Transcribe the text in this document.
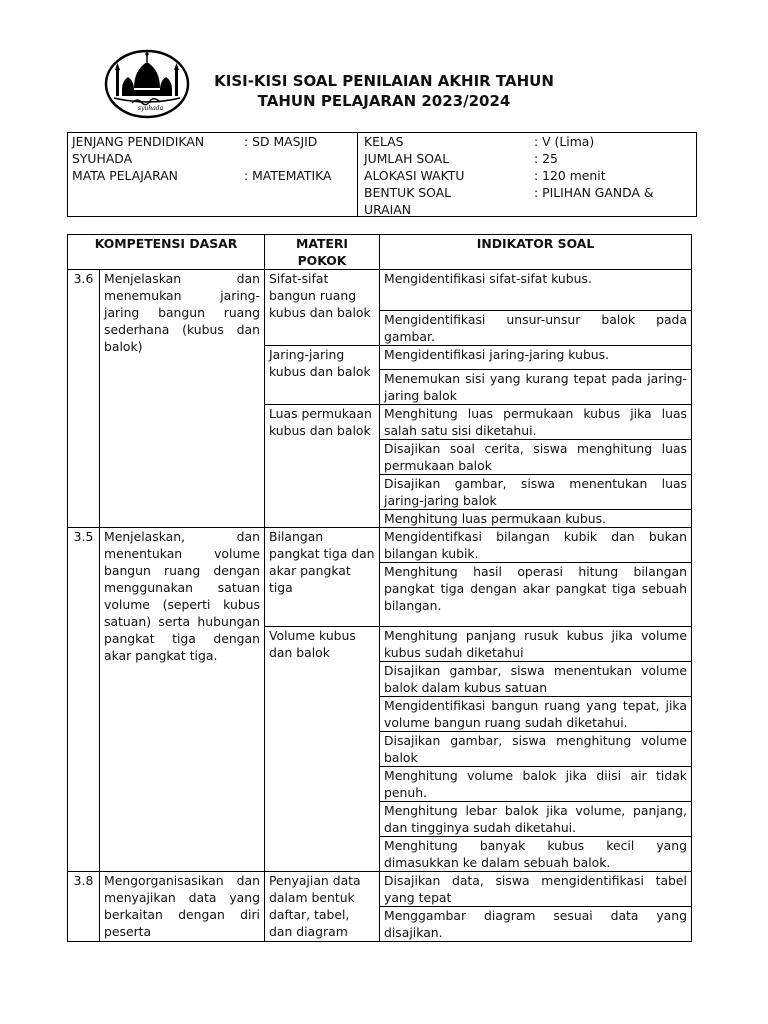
syuhada
KISI-KISI SOAL PENILAIAN AKHIR TAHUN
TAHUN PELAJARAN 2023/2024
JENJANG PENDIDIKAN	: SD MASJID
SYUHADA
MATA PELAJARAN	: MATEMATIKA
KELAS	: V (Lima)
JUMLAH SOAL	: 25
ALOKASI WAKTU	: 120 menit
BENTUK SOAL	: PILIHAN GANDA &
URAIAN
KOMPETENSI DASAR		MATERI
POKOK	INDIKATOR SOAL
3.6	Menjelaskan dan menemukan jaring-jaring bangun ruang sederhana (kubus dan balok)	Sifat-sifat bangun ruang kubus dan balok	Mengidentifikasi sifat-sifat kubus.
			Mengidentifikasi unsur-unsur balok pada gambar.
		Jaring-jaring kubus dan balok	Mengidentifikasi jaring-jaring kubus.
			Menemukan sisi yang kurang tepat pada jaring-jaring balok
		Luas permukaan kubus dan balok	Menghitung luas permukaan kubus jika luas salah satu sisi diketahui.
			Disajikan soal cerita, siswa menghitung luas permukaan balok
			Disajikan gambar, siswa menentukan luas jaring-jaring balok
			Menghitung luas permukaan kubus.
3.5	Menjelaskan, dan menentukan volume bangun ruang dengan menggunakan satuan volume (seperti kubus satuan) serta hubungan pangkat tiga dengan akar pangkat tiga.	Bilangan pangkat tiga dan akar pangkat tiga	Mengidentifkasi bilangan kubik dan bukan bilangan kubik.
			Menghitung hasil operasi hitung bilangan pangkat tiga dengan akar pangkat tiga sebuah bilangan.
		Volume kubus dan balok	Menghitung panjang rusuk kubus jika volume kubus sudah diketahui
			Disajikan gambar, siswa menentukan volume balok dalam kubus satuan
			Mengidentifikasi bangun ruang yang tepat, jika volume bangun ruang sudah diketahui.
			Disajikan gambar, siswa menghitung volume balok
			Menghitung volume balok jika diisi air tidak penuh.
			Menghitung lebar balok jika volume, panjang, dan tingginya sudah diketahui.
			Menghitung banyak kubus kecil yang dimasukkan ke dalam sebuah balok.
3.8	Mengorganisasikan dan menyajikan data yang berkaitan dengan diri peserta	Penyajian data dalam bentuk daftar, tabel, dan diagram	Disajikan data, siswa mengidentifikasi tabel yang tepat
			Menggambar diagram sesuai data yang disajikan.
